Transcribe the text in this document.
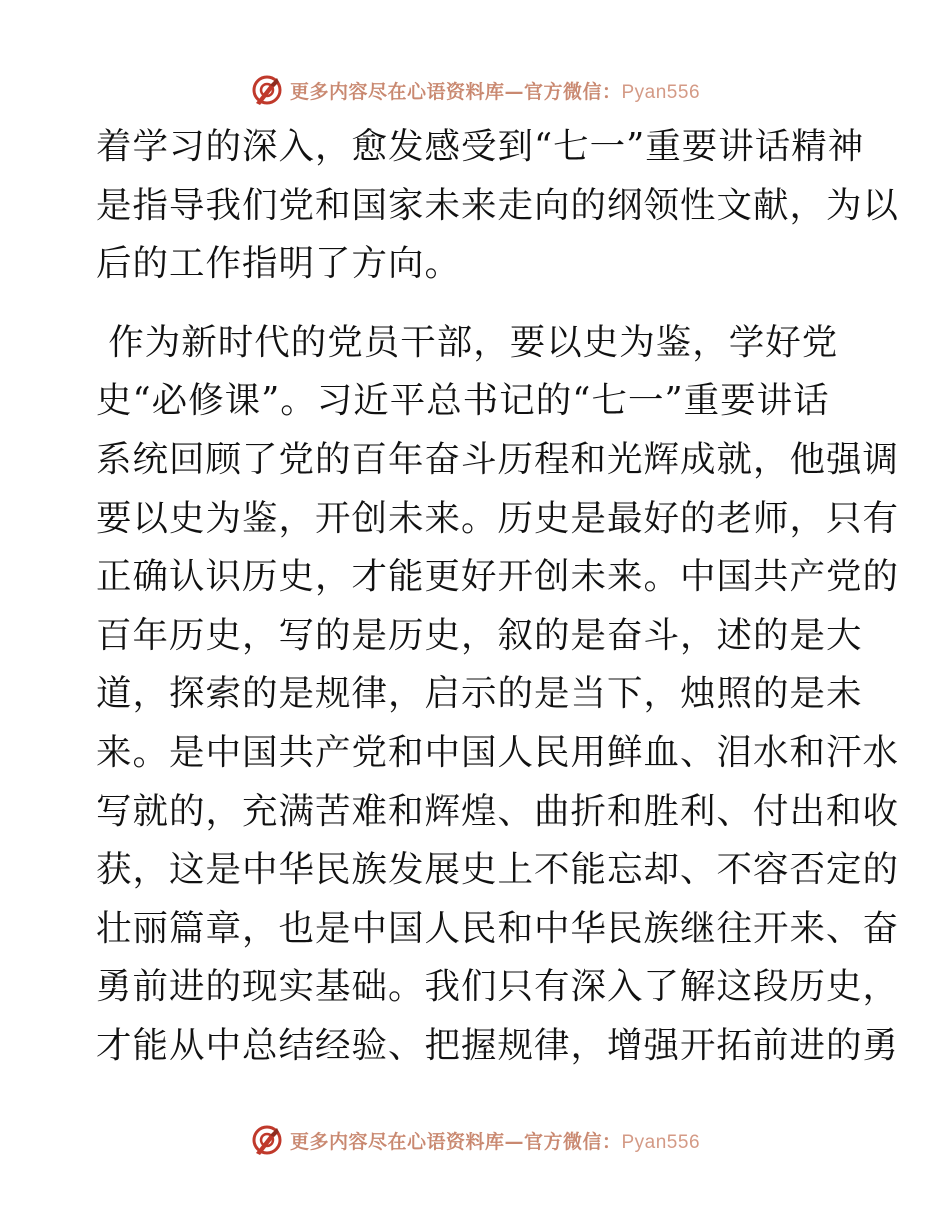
更多内容尽在心语资料库—官方微信：Pyan556
着学习的深入，愈发感受到“七一”重要讲话精神
是指导我们党和国家未来走向的纲领性文献，为以
后的工作指明了方向。
作为新时代的党员干部，要以史为鉴，学好党
史“必修课”。习近平总书记的“七一”重要讲话
系统回顾了党的百年奋斗历程和光辉成就，他强调
要以史为鉴，开创未来。历史是最好的老师，只有
正确认识历史，才能更好开创未来。中国共产党的
百年历史，写的是历史，叙的是奋斗，述的是大
道，探索的是规律，启示的是当下，烛照的是未
来。是中国共产党和中国人民用鲜血、泪水和汗水
写就的，充满苦难和辉煌、曲折和胜利、付出和收
获，这是中华民族发展史上不能忘却、不容否定的
壮丽篇章，也是中国人民和中华民族继往开来、奋
勇前进的现实基础。我们只有深入了解这段历史，
才能从中总结经验、把握规律，增强开拓前进的勇
更多内容尽在心语资料库—官方微信：Pyan556
